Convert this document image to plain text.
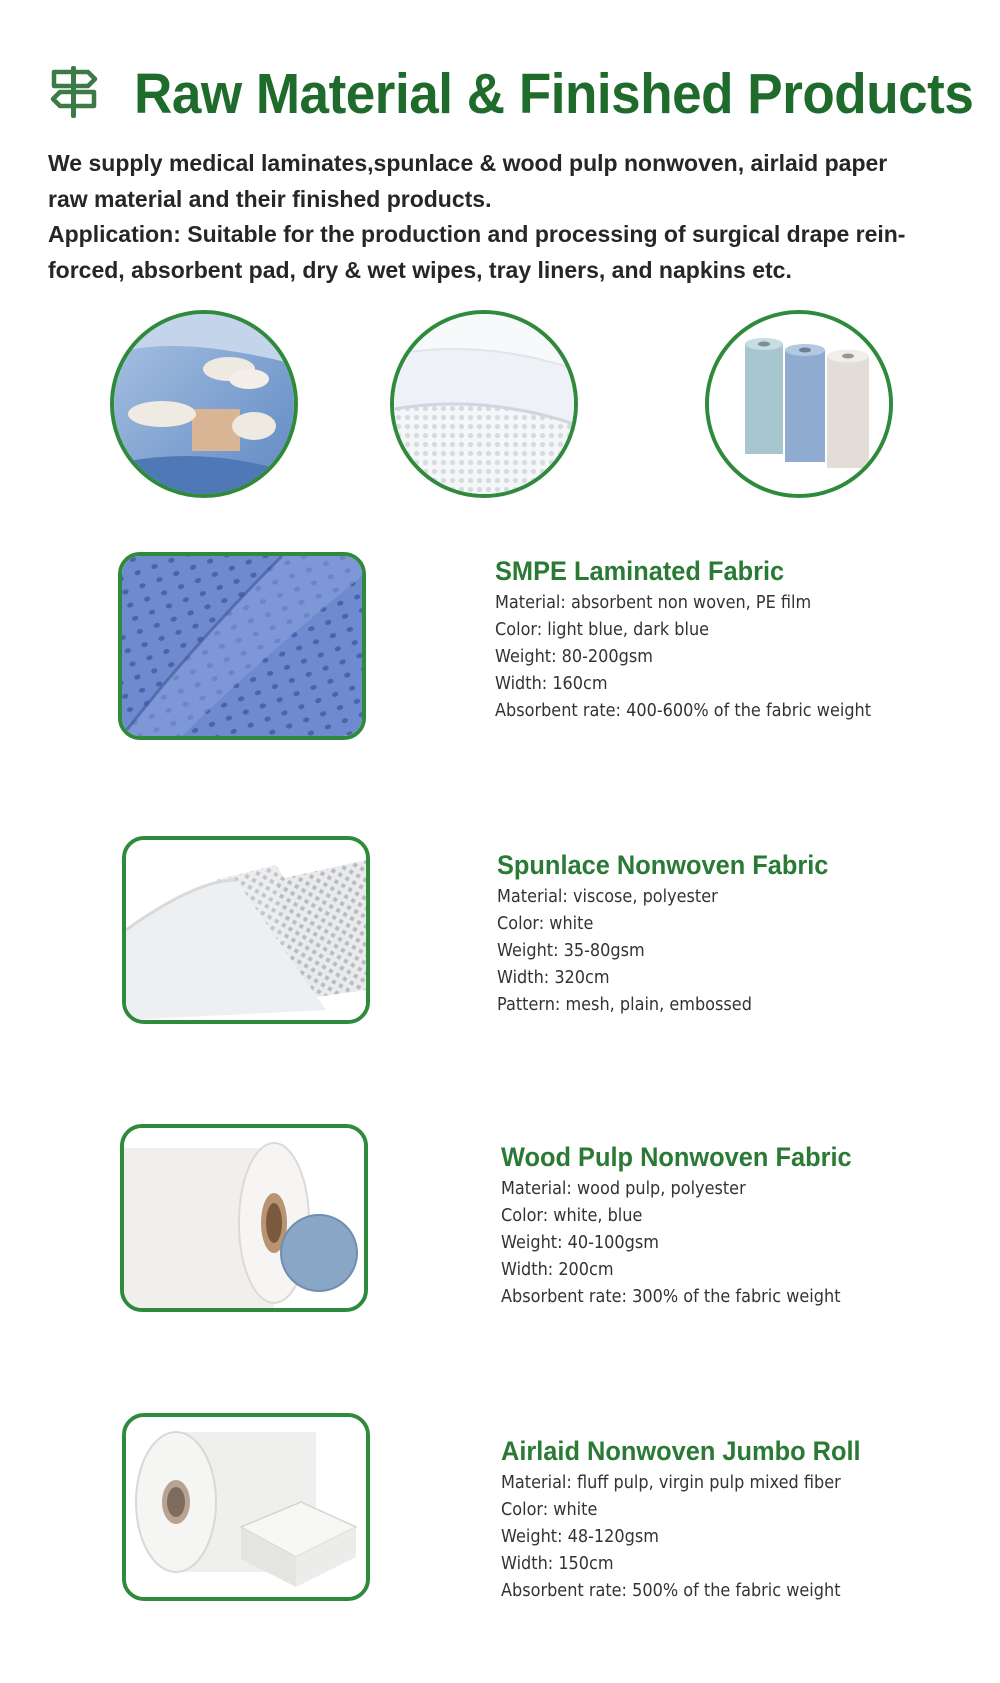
Raw Material & Finished Products

We supply medical laminates,spunlace & wood pulp nonwoven, airlaid paper

raw material and their finished products.

Application: Suitable for the production and processing of surgical drape rein-

forced, absorbent pad, dry & wet wipes, tray liners, and napkins etc.

SMPE Laminated Fabric

Material: absorbent non woven, PE film

Color: light blue, dark blue

Weight: 80-200gsm

Width: 160cm

Absorbent rate: 400-600% of the fabric weight

Spunlace Nonwoven Fabric

Material: viscose, polyester

Color: white

Weight: 35-80gsm

Width: 320cm

Pattern: mesh, plain, embossed

Wood Pulp Nonwoven Fabric

Material: wood pulp, polyester

Color: white, blue

Weight: 40-100gsm

Width: 200cm

Absorbent rate: 300% of the fabric weight

Airlaid Nonwoven Jumbo Roll

Material: fluff pulp, virgin pulp mixed fiber

Color: white

Weight: 48-120gsm

Width: 150cm

Absorbent rate: 500% of the fabric weight
